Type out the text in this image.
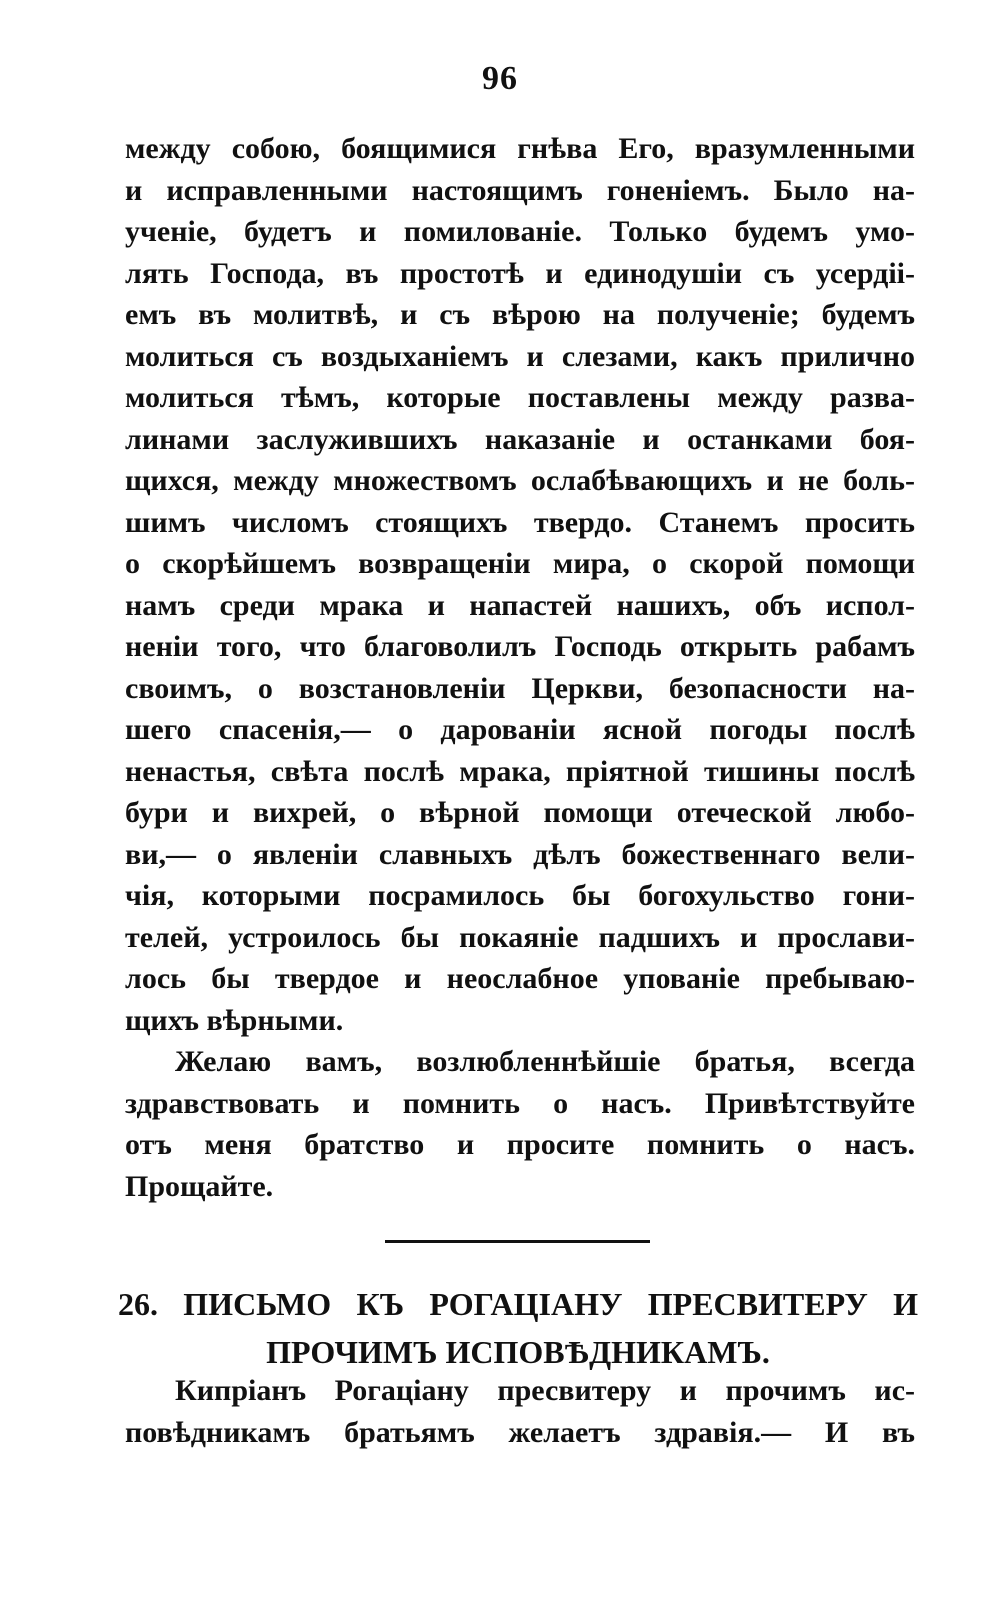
96
между собою, боящимися гнѣва Его, вразумленными
и исправленными настоящимъ гоненіемъ. Было на-
ученіе, будетъ и помилованіе. Только будемъ умо-
лять Господа, въ простотѣ и единодушіи съ усердіі-
емъ въ молитвѣ, и съ вѣрою на полученіе; будемъ
молиться съ воздыханіемъ и слезами, какъ прилично
молиться тѣмъ, которые поставлены между разва-
линами заслужившихъ наказаніе и останками боя-
щихся, между множествомъ ослабѣвающихъ и не боль-
шимъ числомъ стоящихъ твердо. Станемъ просить
о скорѣйшемъ возвращеніи мира, о скорой помощи
намъ среди мрака и напастей нашихъ, объ испол-
неніи того, что благоволилъ Господь открыть рабамъ
своимъ, о возстановленіи Церкви, безопасности на-
шего спасенія,— о дарованіи ясной погоды послѣ
ненастья, свѣта послѣ мрака, пріятной тишины послѣ
бури и вихрей, о вѣрной помощи отеческой любо-
ви,— о явленіи славныхъ дѣлъ божественнаго вели-
чія, которыми посрамилось бы богохульство гони-
телей, устроилось бы покаяніе падшихъ и прослави-
лось бы твердое и неослабное упованіе пребываю-
щихъ вѣрными.
Желаю вамъ, возлюбленнѣйшіе братья, всегда
здравствовать и помнить о насъ. Привѣтствуйте
отъ меня братство и просите помнить о насъ.
Прощайте.
26. ПИСЬМО КЪ РОГАЦІАНУ ПРЕСВИТЕРУ И
ПРОЧИМЪ ИСПОВѢДНИКАМЪ.
Кипріанъ Рогаціану пресвитеру и прочимъ ис-
повѣдникамъ братьямъ желаетъ здравія.— И въ
